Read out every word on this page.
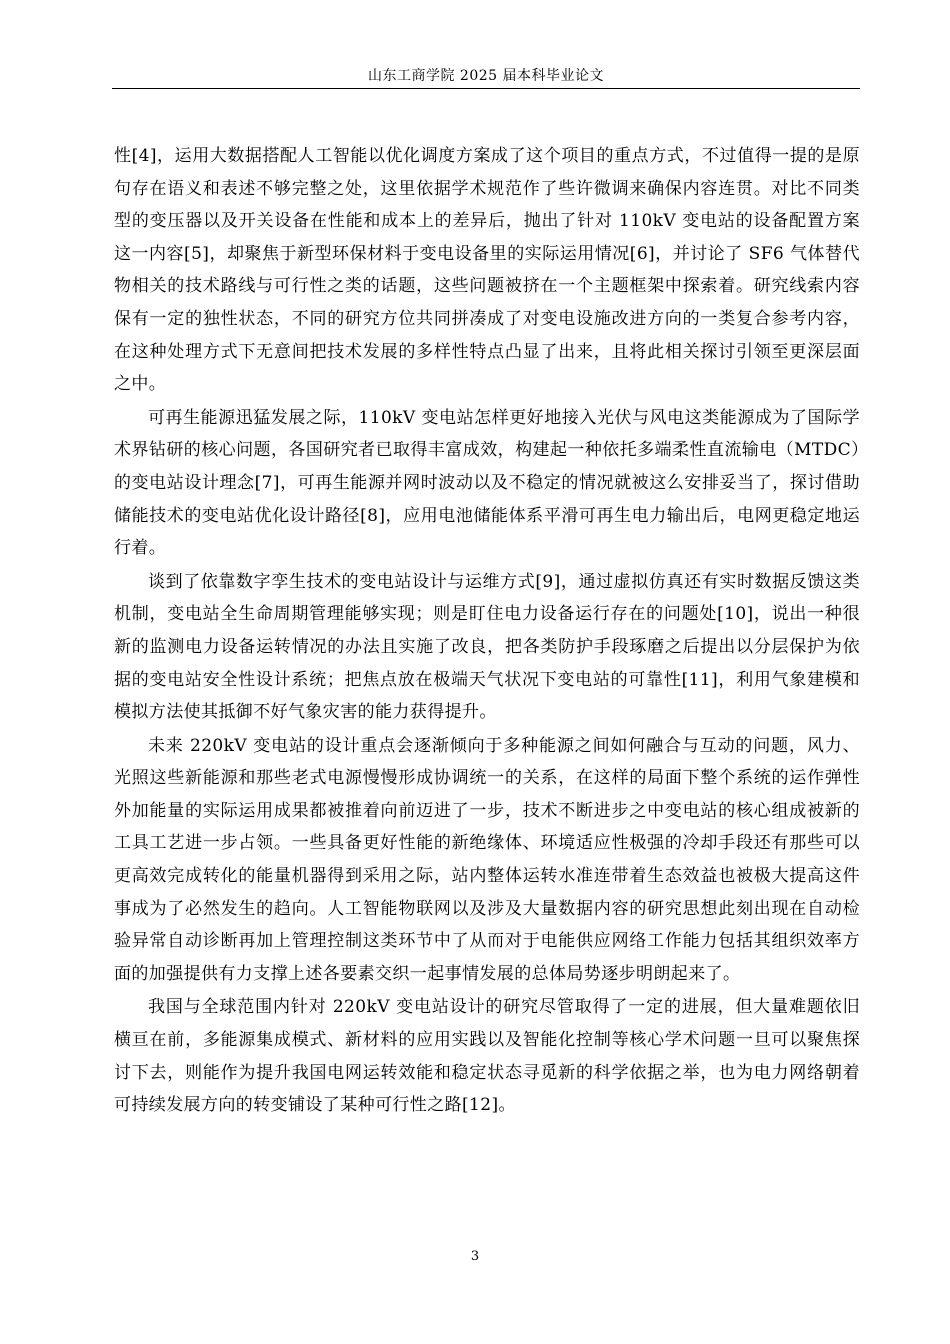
山东工商学院 2025 届本科毕业论文

性[4]，运用大数据搭配人工智能以优化调度方案成了这个项目的重点方式，不过值得一提的是原句存在语义和表述不够完整之处，这里依据学术规范作了些许微调来确保内容连贯。对比不同类型的变压器以及开关设备在性能和成本上的差异后，抛出了针对 110kV 变电站的设备配置方案这一内容[5]，却聚焦于新型环保材料于变电设备里的实际运用情况[6]，并讨论了 SF6 气体替代物相关的技术路线与可行性之类的话题，这些问题被挤在一个主题框架中探索着。研究线索内容保有一定的独性状态，不同的研究方位共同拼凑成了对变电设施改进方向的一类复合参考内容，在这种处理方式下无意间把技术发展的多样性特点凸显了出来，且将此相关探讨引领至更深层面之中。

可再生能源迅猛发展之际，110kV 变电站怎样更好地接入光伏与风电这类能源成为了国际学术界钻研的核心问题，各国研究者已取得丰富成效，构建起一种依托多端柔性直流输电（MTDC）的变电站设计理念[7]，可再生能源并网时波动以及不稳定的情况就被这么安排妥当了，探讨借助储能技术的变电站优化设计路径[8]，应用电池储能体系平滑可再生电力输出后，电网更稳定地运行着。

谈到了依靠数字孪生技术的变电站设计与运维方式[9]，通过虚拟仿真还有实时数据反馈这类机制，变电站全生命周期管理能够实现；则是盯住电力设备运行存在的问题处[10]，说出一种很新的监测电力设备运转情况的办法且实施了改良，把各类防护手段琢磨之后提出以分层保护为依据的变电站安全性设计系统；把焦点放在极端天气状况下变电站的可靠性[11]，利用气象建模和模拟方法使其抵御不好气象灾害的能力获得提升。

未来 220kV 变电站的设计重点会逐渐倾向于多种能源之间如何融合与互动的问题，风力、光照这些新能源和那些老式电源慢慢形成协调统一的关系，在这样的局面下整个系统的运作弹性外加能量的实际运用成果都被推着向前迈进了一步，技术不断进步之中变电站的核心组成被新的工具工艺进一步占领。一些具备更好性能的新绝缘体、环境适应性极强的冷却手段还有那些可以更高效完成转化的能量机器得到采用之际，站内整体运转水准连带着生态效益也被极大提高这件事成为了必然发生的趋向。人工智能物联网以及涉及大量数据内容的研究思想此刻出现在自动检验异常自动诊断再加上管理控制这类环节中了从而对于电能供应网络工作能力包括其组织效率方面的加强提供有力支撑上述各要素交织一起事情发展的总体局势逐步明朗起来了。

我国与全球范围内针对 220kV 变电站设计的研究尽管取得了一定的进展，但大量难题依旧横亘在前，多能源集成模式、新材料的应用实践以及智能化控制等核心学术问题一旦可以聚焦探讨下去，则能作为提升我国电网运转效能和稳定状态寻觅新的科学依据之举，也为电力网络朝着可持续发展方向的转变铺设了某种可行性之路[12]。

3
